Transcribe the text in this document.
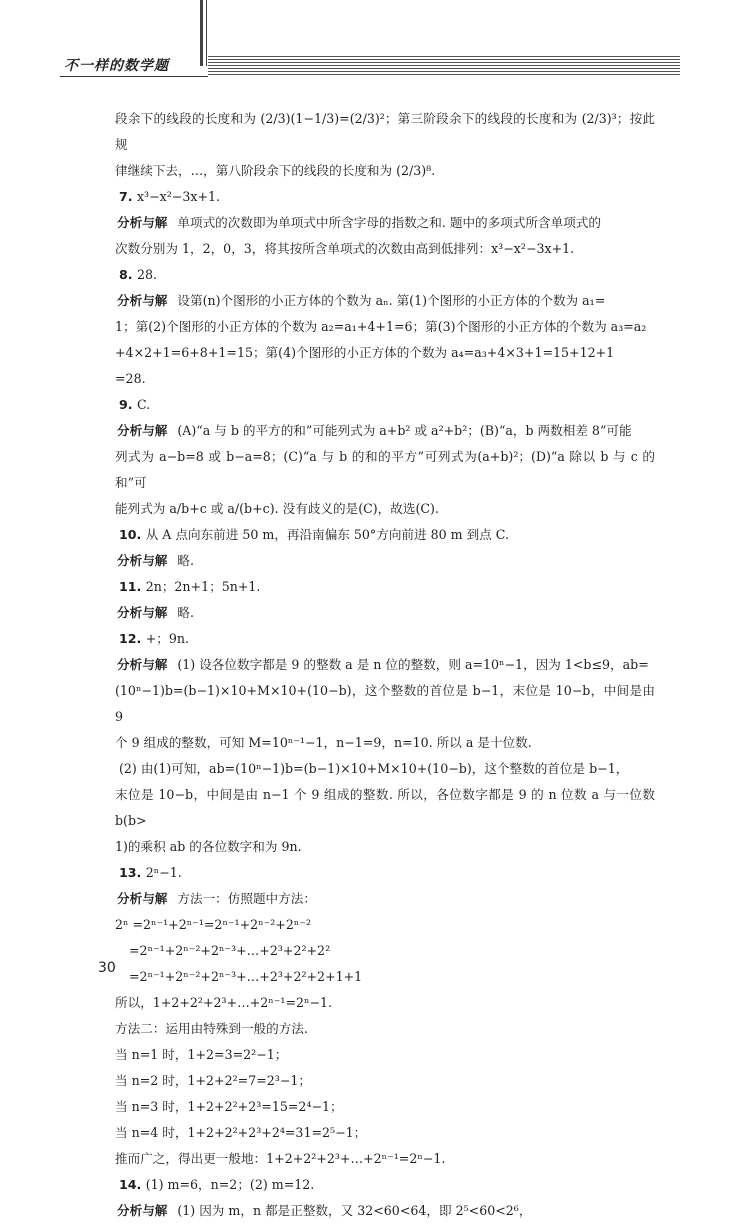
不一样的数学题

段余下的线段的长度和为 (2/3)(1−1/3)=(2/3)²；第三阶段余下的线段的长度和为 (2/3)³；按此规

律继续下去，…，第八阶段余下的线段的长度和为 (2/3)⁸.

7. x³−x²−3x+1.

分析与解 单项式的次数即为单项式中所含字母的指数之和. 题中的多项式所含单项式的

次数分别为 1，2，0，3，将其按所含单项式的次数由高到低排列：x³−x²−3x+1.

8. 28.

分析与解 设第(n)个图形的小正方体的个数为 aₙ. 第(1)个图形的小正方体的个数为 a₁=

1；第(2)个图形的小正方体的个数为 a₂=a₁+4+1=6；第(3)个图形的小正方体的个数为 a₃=a₂

+4×2+1=6+8+1=15；第(4)个图形的小正方体的个数为 a₄=a₃+4×3+1=15+12+1

=28.

9. C.

分析与解 (A)“a 与 b 的平方的和”可能列式为 a+b² 或 a²+b²；(B)“a，b 两数相差 8”可能

列式为 a−b=8 或 b−a=8；(C)“a 与 b 的和的平方”可列式为(a+b)²；(D)“a 除以 b 与 c 的和”可

能列式为 a/b+c 或 a/(b+c). 没有歧义的是(C)，故选(C).

10. 从 A 点向东前进 50 m，再沿南偏东 50°方向前进 80 m 到点 C.

分析与解 略.

11. 2n；2n+1；5n+1.

分析与解 略.

12. +；9n.

分析与解 (1) 设各位数字都是 9 的整数 a 是 n 位的整数，则 a=10ⁿ−1，因为 1<b≤9，ab=

(10ⁿ−1)b=(b−1)×10+M×10+(10−b)，这个整数的首位是 b−1，末位是 10−b，中间是由 9

个 9 组成的整数，可知 M=10ⁿ⁻¹−1，n−1=9，n=10. 所以 a 是十位数.

(2) 由(1)可知，ab=(10ⁿ−1)b=(b−1)×10+M×10+(10−b)，这个整数的首位是 b−1，

末位是 10−b，中间是由 n−1 个 9 组成的整数. 所以，各位数字都是 9 的 n 位数 a 与一位数 b(b>

1)的乘积 ab 的各位数字和为 9n.

13. 2ⁿ−1.

分析与解 方法一：仿照题中方法：

2ⁿ =2ⁿ⁻¹+2ⁿ⁻¹=2ⁿ⁻¹+2ⁿ⁻²+2ⁿ⁻²

=2ⁿ⁻¹+2ⁿ⁻²+2ⁿ⁻³+…+2³+2²+2²

=2ⁿ⁻¹+2ⁿ⁻²+2ⁿ⁻³+…+2³+2²+2+1+1

所以，1+2+2²+2³+…+2ⁿ⁻¹=2ⁿ−1.

方法二：运用由特殊到一般的方法.

当 n=1 时，1+2=3=2²−1；

当 n=2 时，1+2+2²=7=2³−1；

当 n=3 时，1+2+2²+2³=15=2⁴−1；

当 n=4 时，1+2+2²+2³+2⁴=31=2⁵−1；

推而广之，得出更一般地：1+2+2²+2³+…+2ⁿ⁻¹=2ⁿ−1.

14. (1) m=6，n=2；(2) m=12.

分析与解 (1) 因为 m，n 都是正整数，又 32<60<64，即 2⁵<60<2⁶，

30
